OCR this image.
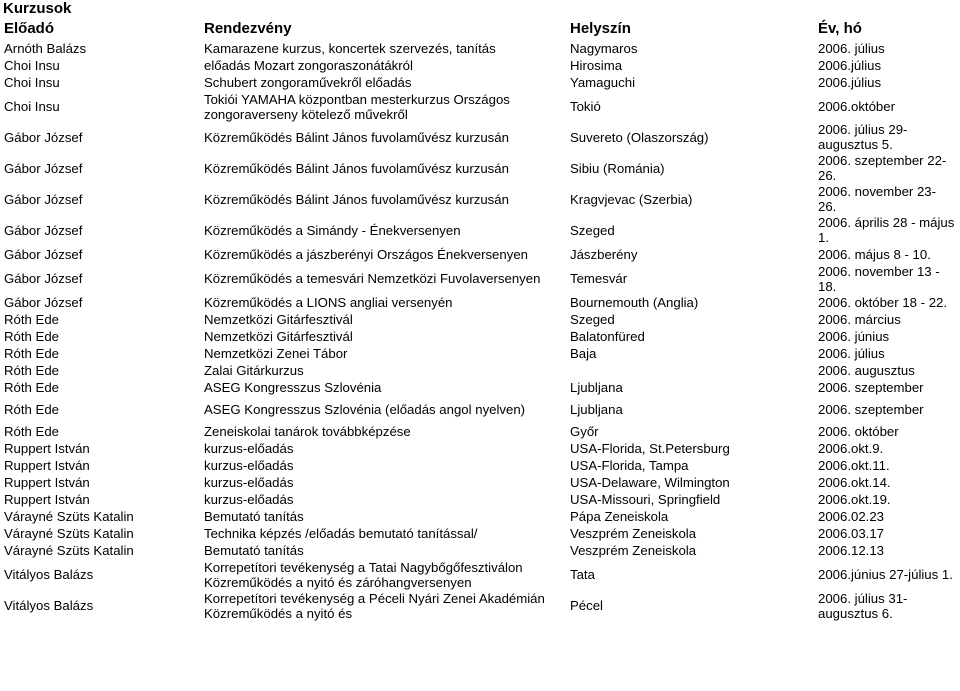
Kurzusok
Előadó	Rendezvény	Helyszín	Év, hó
Arnóth Balázs	Kamarazene kurzus, koncertek szervezés, tanítás	Nagymaros	2006. július
Choi Insu	előadás Mozart zongoraszonátákról	Hirosima	2006.július
Choi Insu	Schubert zongoraművekről előadás	Yamaguchi	2006.július
Choi Insu	Tokiói YAMAHA központban mesterkurzus Országos zongoraverseny kötelező művekről	Tokió	2006.október
Gábor József	Közreműködés Bálint János fuvolaművész kurzusán	Suvereto (Olaszország)	2006. július 29- augusztus 5.
Gábor József	Közreműködés Bálint János fuvolaművész kurzusán	Sibiu (Románia)	2006. szeptember 22- 26.
Gábor József	Közreműködés Bálint János fuvolaművész kurzusán	Kragvjevac (Szerbia)	2006. november 23- 26.
Gábor József	Közreműködés a Simándy - Énekversenyen	Szeged	2006. április 28 - május 1.
Gábor József	Közreműködés a jászberényi Országos Énekversenyen	Jászberény	2006. május 8 - 10.
Gábor József	Közreműködés a temesvári Nemzetközi Fuvolaversenyen	Temesvár	2006. november 13 - 18.
Gábor József	Közreműködés a LIONS angliai versenyén	Bournemouth (Anglia)	2006. október 18 - 22.
Róth Ede	Nemzetközi Gitárfesztivál	Szeged	2006. március
Róth Ede	Nemzetközi Gitárfesztivál	Balatonfüred	2006. június
Róth Ede	Nemzetközi Zenei Tábor	Baja	2006. július
Róth Ede	Zalai Gitárkurzus		2006. augusztus
Róth Ede	ASEG Kongresszus Szlovénia	Ljubljana	2006. szeptember
Róth Ede	ASEG Kongresszus Szlovénia (előadás angol nyelven)	Ljubljana	2006. szeptember
Róth Ede	Zeneiskolai tanárok továbbképzése	Győr	2006. október
Ruppert István	kurzus-előadás	USA-Florida, St.Petersburg	2006.okt.9.
Ruppert István	kurzus-előadás	USA-Florida, Tampa	2006.okt.11.
Ruppert István	kurzus-előadás	USA-Delaware, Wilmington	2006.okt.14.
Ruppert István	kurzus-előadás	USA-Missouri, Springfield	2006.okt.19.
Várayné Szüts Katalin	Bemutató tanítás	Pápa Zeneiskola	2006.02.23
Várayné Szüts Katalin	Technika képzés /előadás bemutató tanítással/	Veszprém Zeneiskola	2006.03.17
Várayné Szüts Katalin	Bemutató tanítás	Veszprém Zeneiskola	2006.12.13
Vitályos Balázs	Korrepetítori tevékenység a Tatai Nagybőgőfesztiválon Közreműködés a nyitó és záróhangversenyen	Tata	2006.június 27-július 1.
Vitályos Balázs	Korrepetítori tevékenység a Péceli Nyári Zenei Akadémián Közreműködés a nyitó és	Pécel	2006. július 31- augusztus 6.
